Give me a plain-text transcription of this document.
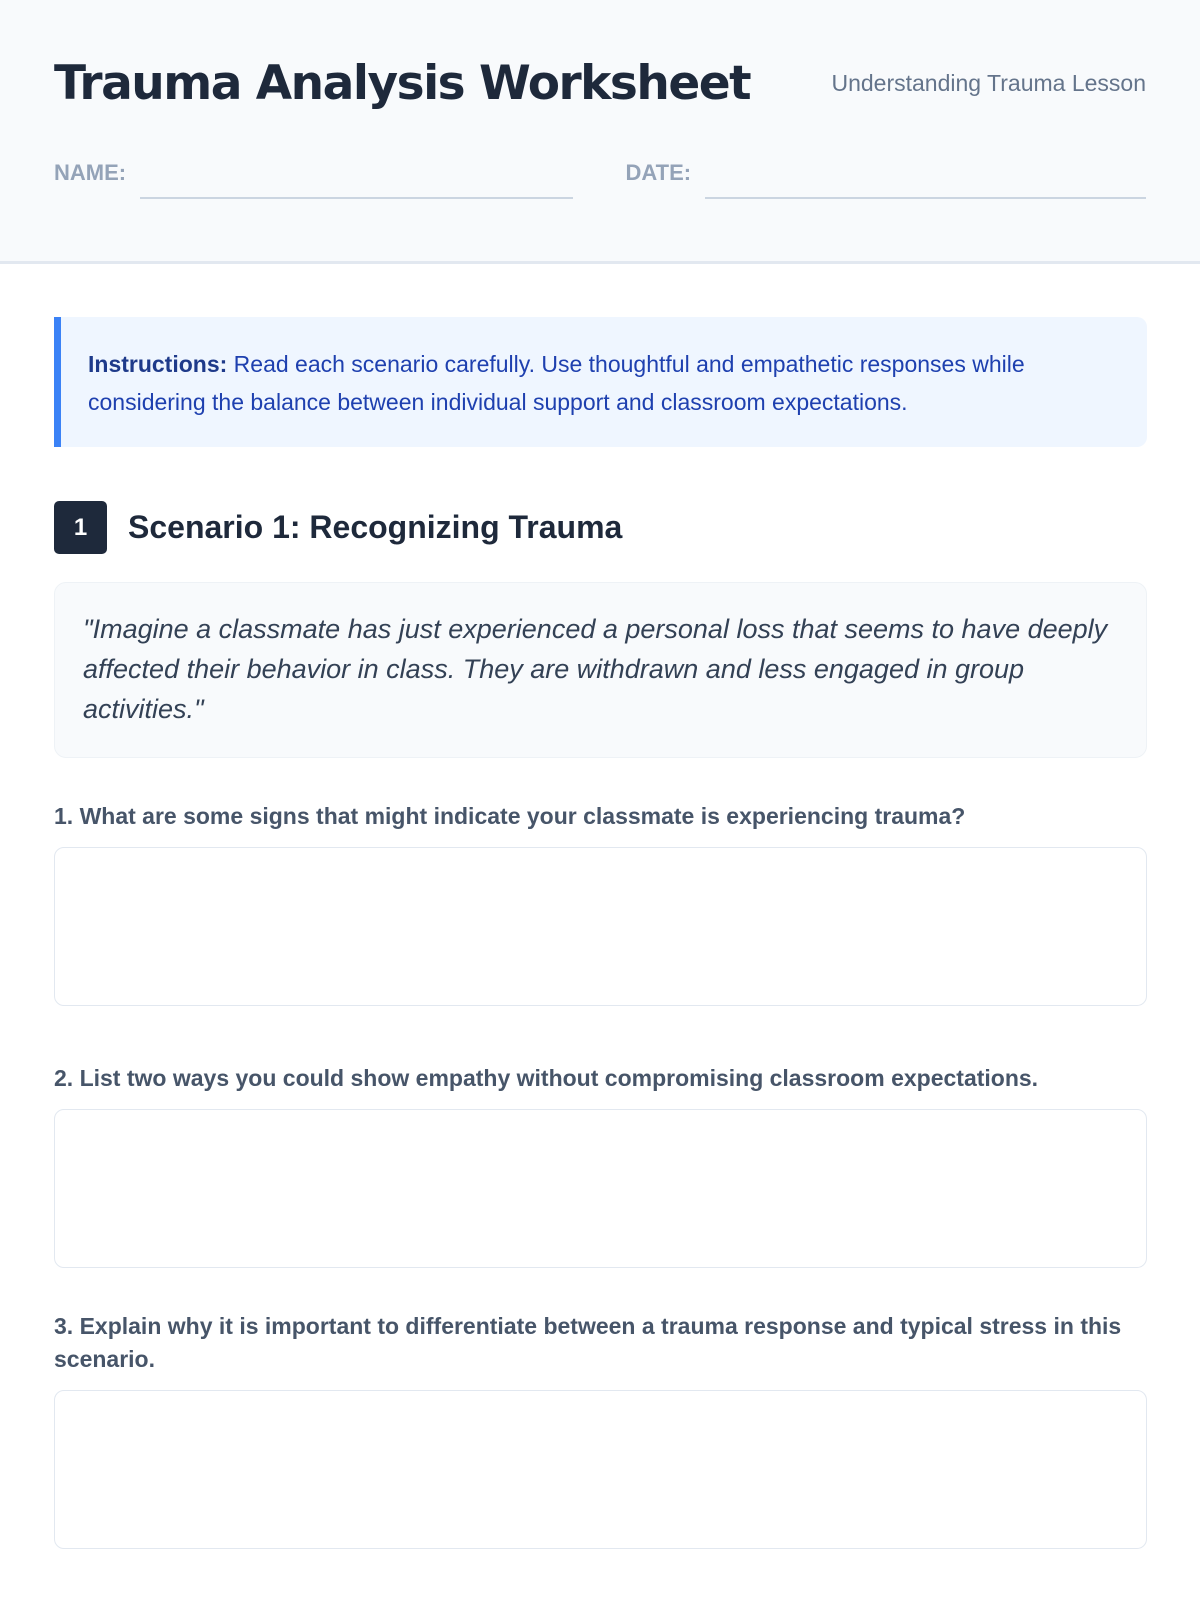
Trauma Analysis Worksheet	Understanding Trauma Lesson
NAME:	DATE:
Instructions: Read each scenario carefully. Use thoughtful and empathetic responses while considering the balance between individual support and classroom expectations.
1	Scenario 1: Recognizing Trauma
"Imagine a classmate has just experienced a personal loss that seems to have deeply affected their behavior in class. They are withdrawn and less engaged in group activities."
1. What are some signs that might indicate your classmate is experiencing trauma?
2. List two ways you could show empathy without compromising classroom expectations.
3. Explain why it is important to differentiate between a trauma response and typical stress in this scenario.
